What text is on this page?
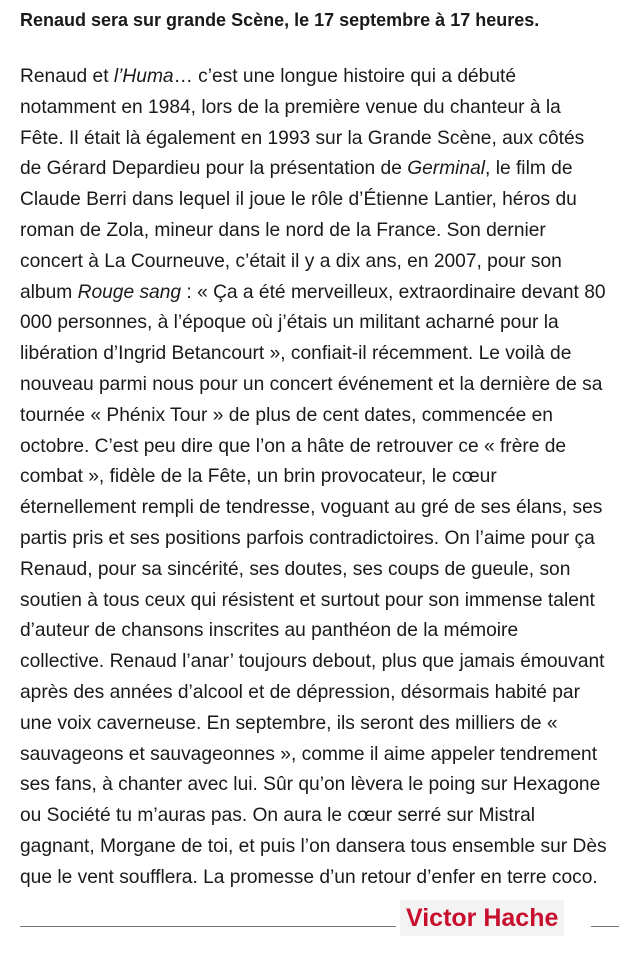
Renaud sera sur grande Scène, le 17 septembre à 17 heures.
Renaud et l’Huma… c’est une longue histoire qui a débuté
notamment en 1984, lors de la première venue du chanteur à la
Fête. Il était là également en 1993 sur la Grande Scène, aux côtés
de Gérard Depardieu pour la présentation de Germinal, le film de
Claude Berri dans lequel il joue le rôle d’Étienne Lantier, héros du
roman de Zola, mineur dans le nord de la France. Son dernier
concert à La Courneuve, c’était il y a dix ans, en 2007, pour son
album Rouge sang : « Ça a été merveilleux, extraordinaire devant 80
000 personnes, à l’époque où j’étais un militant acharné pour la
libération d’Ingrid Betancourt », confiait-il récemment. Le voilà de
nouveau parmi nous pour un concert événement et la dernière de sa
tournée « Phénix Tour » de plus de cent dates, commencée en
octobre. C’est peu dire que l’on a hâte de retrouver ce « frère de
combat », fidèle de la Fête, un brin provocateur, le cœur
éternellement rempli de tendresse, voguant au gré de ses élans, ses
partis pris et ses positions parfois contradictoires. On l’aime pour ça
Renaud, pour sa sincérité, ses doutes, ses coups de gueule, son
soutien à tous ceux qui résistent et surtout pour son immense talent
d’auteur de chansons inscrites au panthéon de la mémoire
collective. Renaud l’anar’ toujours debout, plus que jamais émouvant
après des années d’alcool et de dépression, désormais habité par
une voix caverneuse. En septembre, ils seront des milliers de «
sauvageons et sauvageonnes », comme il aime appeler tendrement
ses fans, à chanter avec lui. Sûr qu’on lèvera le poing sur Hexagone
ou Société tu m’auras pas. On aura le cœur serré sur Mistral
gagnant, Morgane de toi, et puis l’on dansera tous ensemble sur Dès
que le vent soufflera. La promesse d’un retour d’enfer en terre coco.
Victor Hache
